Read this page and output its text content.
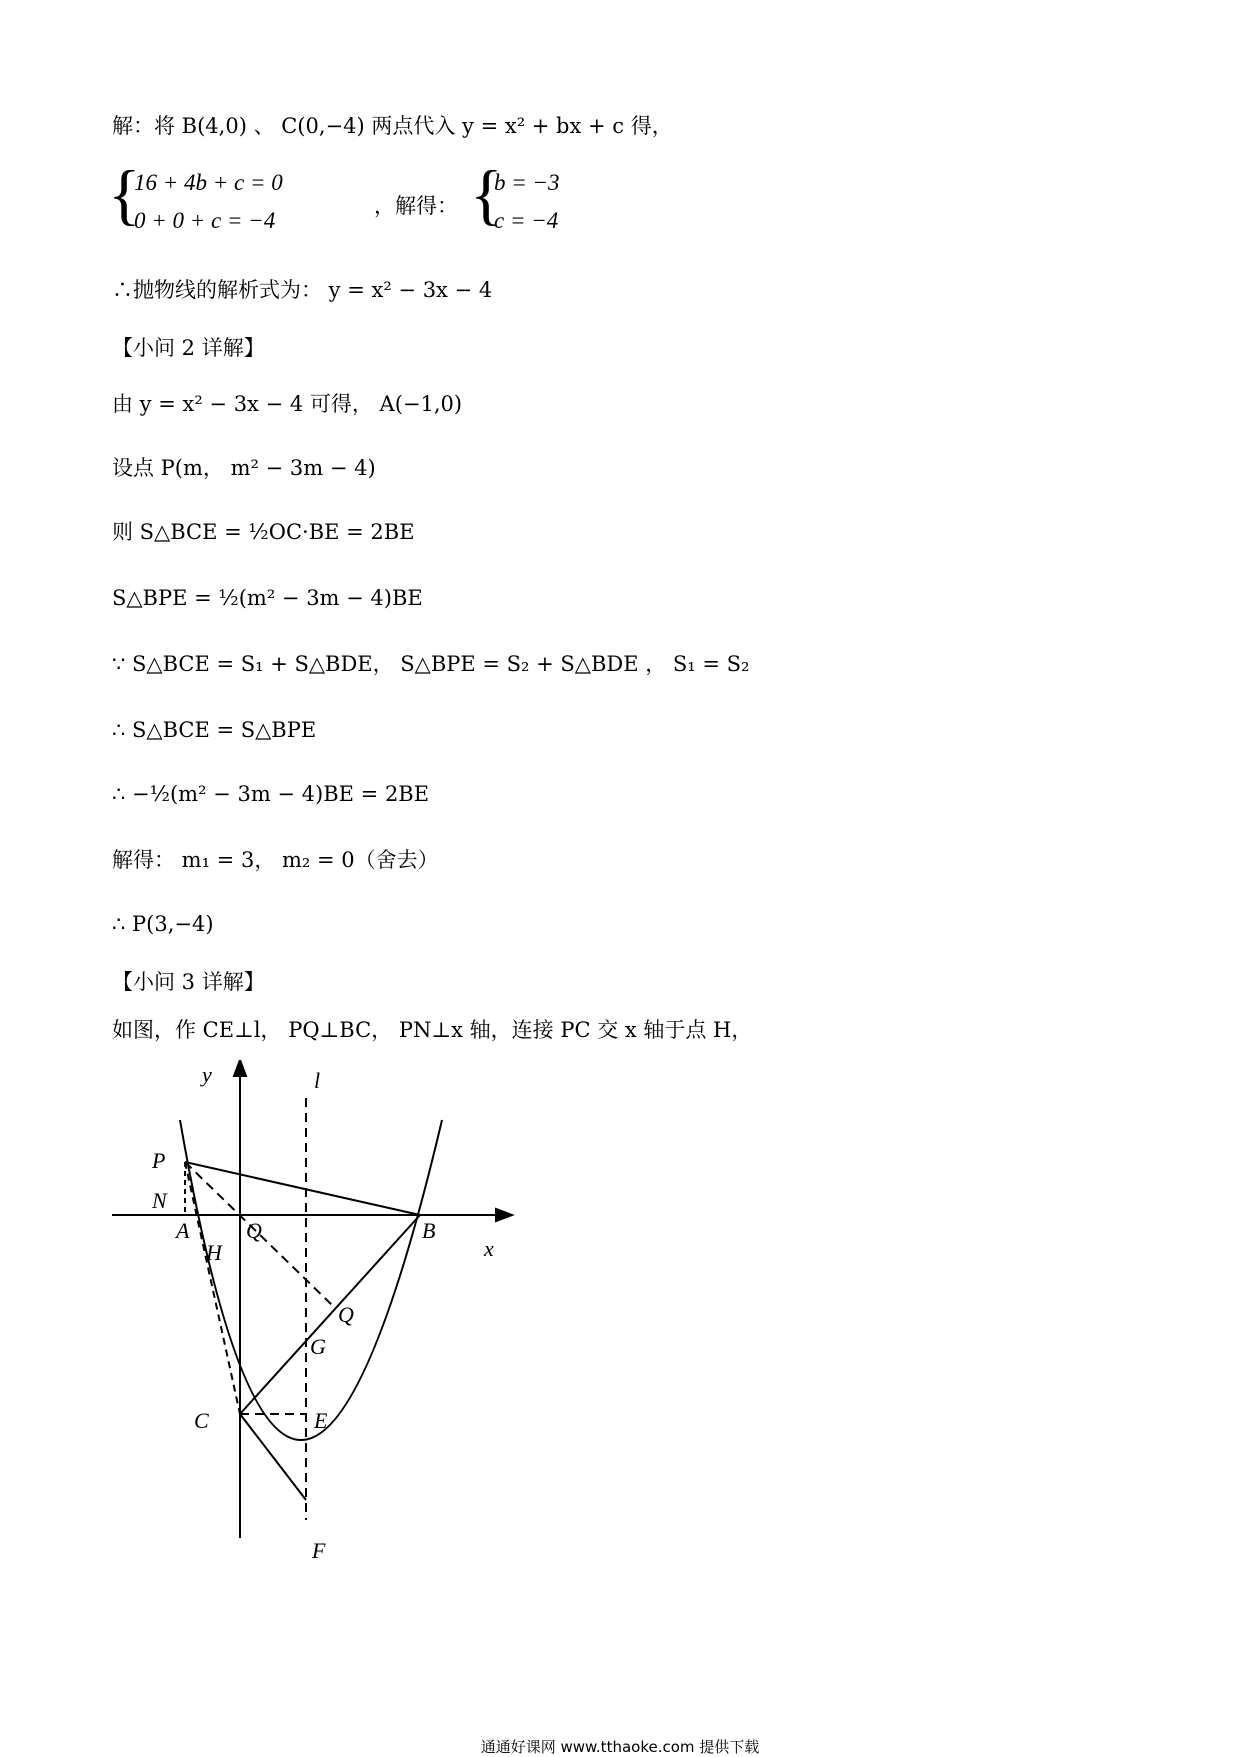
解：将 B(4,0) 、 C(0,−4) 两点代入 y = x² + bx + c 得，
{
16 + 4b + c = 0
0 + 0 + c = −4
，解得： {
b = −3
c = −4
∴抛物线的解析式为： y = x² − 3x − 4
【小问 2 详解】
由 y = x² − 3x − 4 可得， A(−1,0)
设点 P(m， m² − 3m − 4)
则 S△BCE = ½OC·BE = 2BE
S△BPE = ½(m² − 3m − 4)BE
∵ S△BCE = S₁ + S△BDE， S△BPE = S₂ + S△BDE ， S₁ = S₂
∴ S△BCE = S△BPE
∴ −½(m² − 3m − 4)BE = 2BE
解得： m₁ = 3， m₂ = 0（舍去）
∴ P(3,−4)
【小问 3 详解】
如图，作 CE⊥l， PQ⊥BC， PN⊥x 轴，连接 PC 交 x 轴于点 H，
y	l
P
N
A
H
Q	B
x
Q
G
C	E
F
通通好课网 www.tthaoke.com 提供下载
